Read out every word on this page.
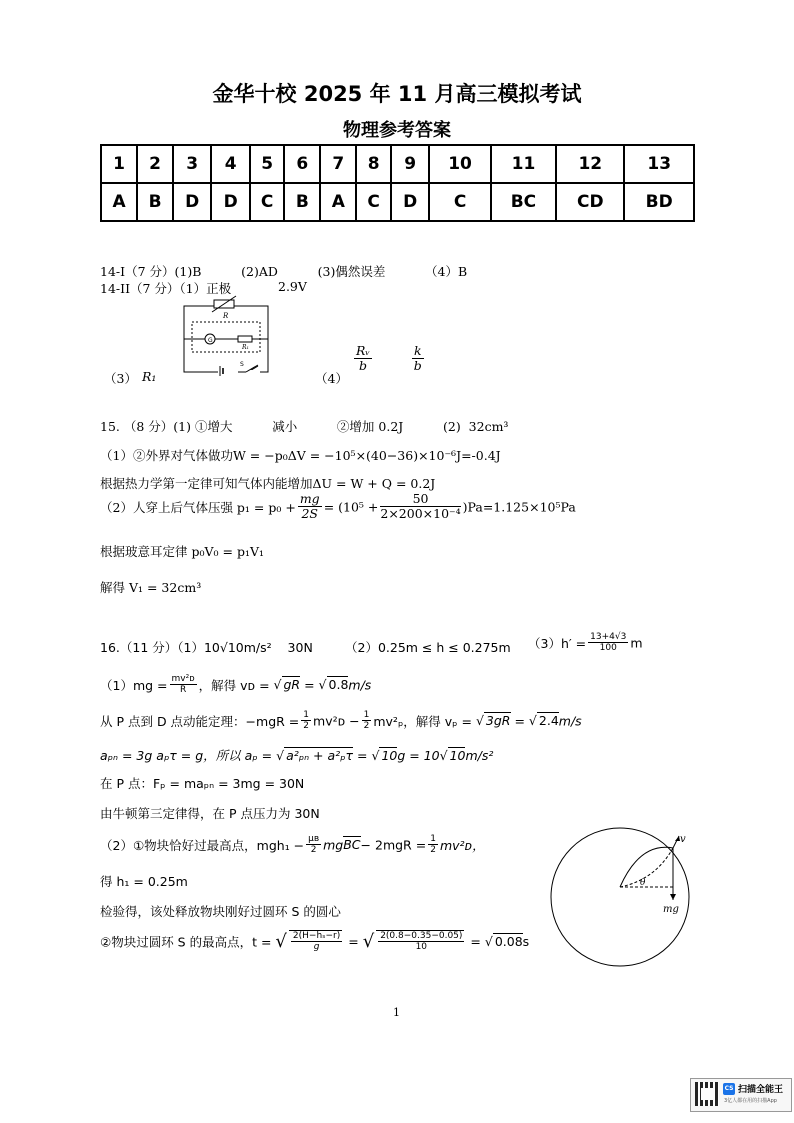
金华十校 2025 年 11 月高三模拟考试
物理参考答案
1	2	3	4	5	6	7	8	9	10	11	12	13
A	B	D	D	C	B	A	C	D	C	BC	CD	BD
14-I（7 分）(1)B          (2)AD          (3)偶然误差          （4）B
14-II（7 分）（1）正极	2.9V
R
G
R₁
S
（3） R₁	（4）
$\frac{\text{Rᵥ}}{b}$	$\frac{k}{b}$
15. （8 分）(1) ①增大          减小          ②增加 0.2J          (2)  32cm³
（1）②外界对气体做功W = −p₀ΔV = −10⁵×(40−36)×10⁻⁶J=-0.4J
根据热力学第一定律可知气体内能增加ΔU = W + Q = 0.2J
（2）人穿上后气体压强 $p_1 = p_0 + \frac{mg}{2S} = (10^5 + \frac{50}{\text{2×200×10⁻⁴}} )Pa=1.125\times 10^5Pa$
根据玻意耳定律 p₀V₀ = p₁V₁
解得 V₁ = 32cm³
16.（11 分）（1）10√10m/s²    30N	（2）0.25m ≤ h ≤ 0.275m $(3)h' = \frac{13+4√3}{100}$ m
$(1)mg = \frac{\text{mv²ᴅ}}{R}$ ，解得 vᴅ = √ gR = √ 0.8m/s
从 P 点到 D 点动能定理：$-mgR = \frac{1}{2}$ mv²ᴅ − $\frac{1}{2} mv^2_p$，解得 vₚ = √ 3gR = √ 2.4m/s
aₚₙ = 3g aₚτ = g，所以 aₚ = √ a²ₚₙ + a²ₚτ = √ 10g = 10 √ 10m/s²
在 P 点：Fₚ = maₚₙ = 3mg = 30N
由牛顿第三定律得，在 P 点压力为 30N
（2）①物块恰好过最高点，$mgh_1 - \frac{\text{μʙ}}{2}$ mgBC− $2mgR = \frac{1}{2}$ mv²ᴅ，
得 h₁ = 0.25m
检验得，该处释放物块刚好过圆环 S 的圆心
②物块过圆环 S 的最高点，t = √ $\frac{\text{2(H−hₛ−r)}}{g}$ = √ $\frac{2(0.8-0.35-0.05)}{10}$ = √ 0.08s
v
θ
mg
1
CS 扫描全能王
3亿人都在用的扫描App
